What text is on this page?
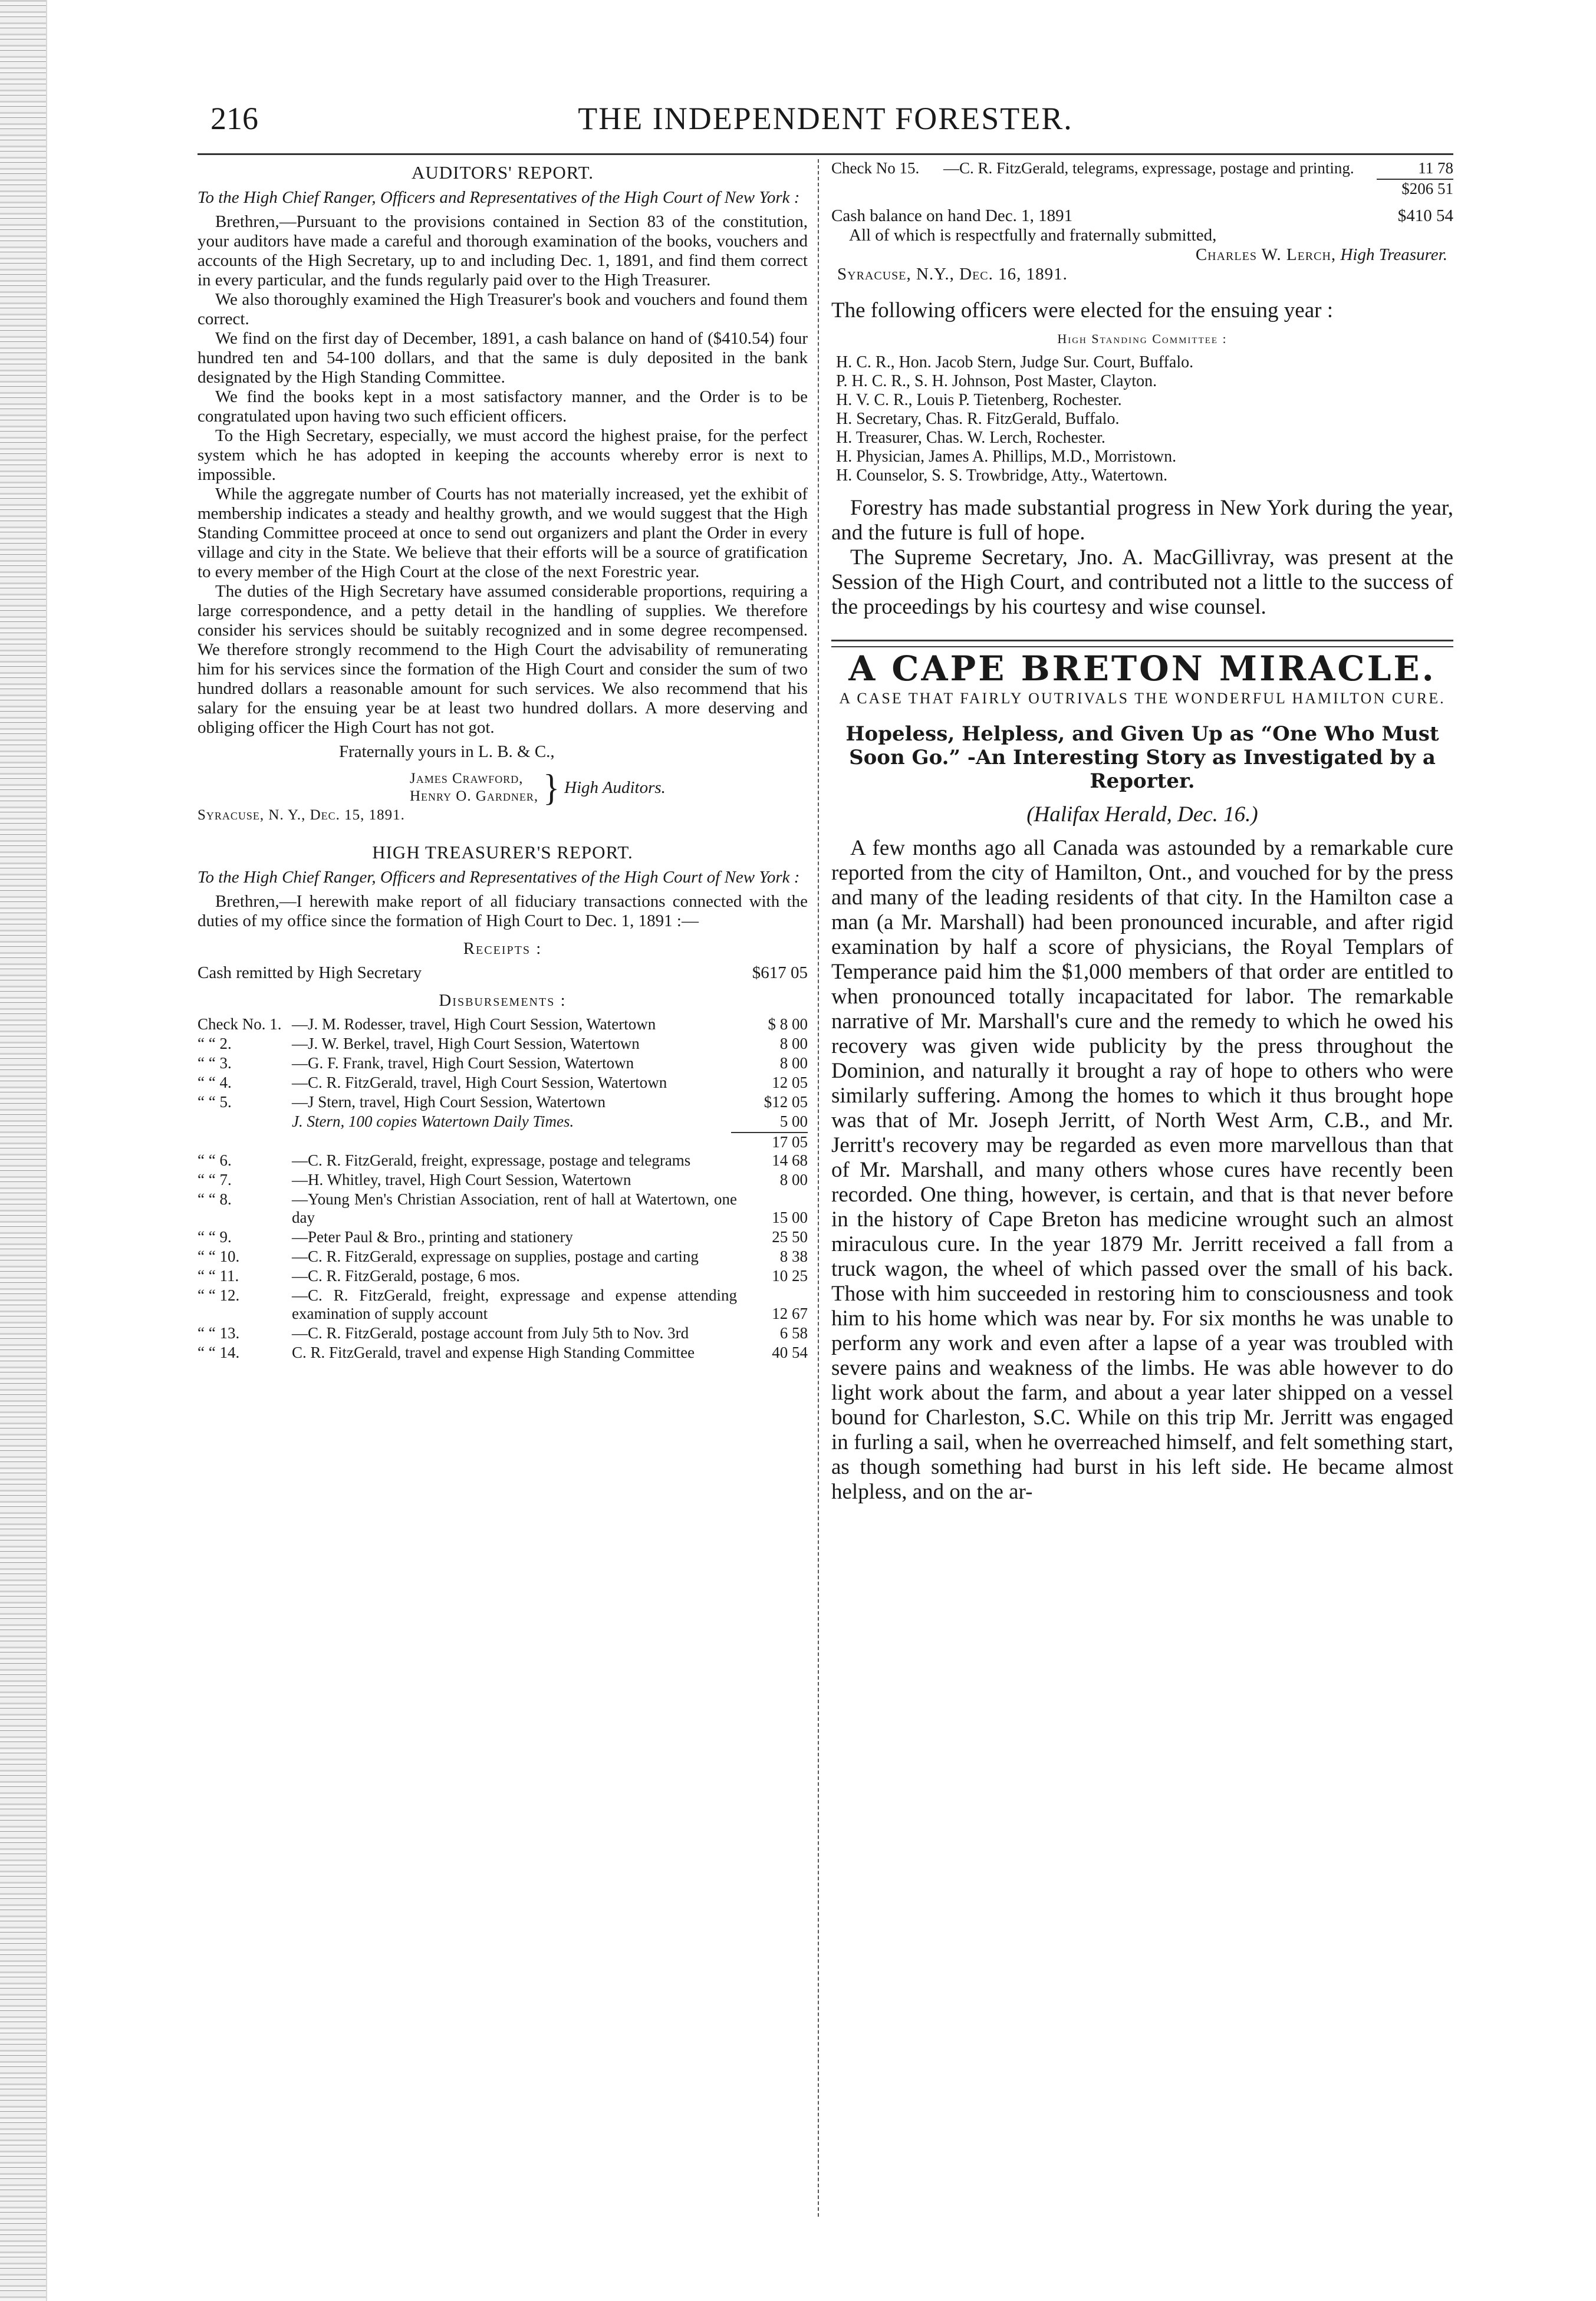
216	THE INDEPENDENT FORESTER.
AUDITORS' REPORT.

To the High Chief Ranger, Officers and Representatives of the High Court of New York :

Brethren,—Pursuant to the provisions contained in Section 83 of the constitution, your auditors have made a careful and thorough examination of the books, vouchers and accounts of the High Secretary, up to and including Dec. 1, 1891, and find them correct in every particular, and the funds regularly paid over to the High Treasurer.

We also thoroughly examined the High Treasurer's book and vouchers and found them correct.

We find on the first day of December, 1891, a cash balance on hand of ($410.54) four hundred ten and 54-100 dollars, and that the same is duly deposited in the bank designated by the High Standing Committee.

We find the books kept in a most satisfactory manner, and the Order is to be congratulated upon having two such efficient officers.

To the High Secretary, especially, we must accord the highest praise, for the perfect system which he has adopted in keeping the accounts whereby error is next to impossible.

While the aggregate number of Courts has not materially increased, yet the exhibit of membership indicates a steady and healthy growth, and we would suggest that the High Standing Committee proceed at once to send out organizers and plant the Order in every village and city in the State. We believe that their efforts will be a source of gratification to every member of the High Court at the close of the next Forestric year.

The duties of the High Secretary have assumed considerable proportions, requiring a large correspondence, and a petty detail in the handling of supplies. We therefore consider his services should be suitably recognized and in some degree recompensed. We therefore strongly recommend to the High Court the advisability of remunerating him for his services since the formation of the High Court and consider the sum of two hundred dollars a reasonable amount for such services. We also recommend that his salary for the ensuing year be at least two hundred dollars. A more deserving and obliging officer the High Court has not got.

Fraternally yours in L. B. & C.,

James Crawford,
Henry O. Gardner, } High Auditors.

Syracuse, N. Y., Dec. 15, 1891.

HIGH TREASURER'S REPORT.

To the High Chief Ranger, Officers and Representatives of the High Court of New York :

Brethren,—I herewith make report of all fiduciary transactions connected with the duties of my office since the formation of High Court to Dec. 1, 1891 :—

Receipts :
Cash remitted by High Secretary	$617 05
Disbursements :
Check No. 1. —J. M. Rodesser, travel, High Court Session, Watertown	$ 8 00
“ “ 2.	—J. W. Berkel, travel, High Court Session, Watertown	8 00
“ “ 3.	—G. F. Frank, travel, High Court Session, Watertown	8 00
“ “ 4.	—C. R. FitzGerald, travel, High Court Session, Watertown	12 05
“ “ 5.	—J Stern, travel, High Court Session, Watertown	$12 05
J. Stern, 100 copies Watertown Daily Times.	5 00
17 05
“ “ 6.	—C. R. FitzGerald, freight, expressage, postage and telegrams	14 68
“ “ 7.	—H. Whitley, travel, High Court Session, Watertown	8 00
“ “ 8.	—Young Men's Christian Association, rent of hall at Watertown, one day	15 00
“ “ 9.	—Peter Paul & Bro., printing and stationery	25 50
“ “ 10.	—C. R. FitzGerald, expressage on supplies, postage and carting	8 38
“ “ 11.	—C. R. FitzGerald, postage, 6 mos.	10 25
“ “ 12.	—C. R. FitzGerald, freight, expressage and expense attending examination of supply account	12 67
“ “ 13.	—C. R. FitzGerald, postage account from July 5th to Nov. 3rd	6 58
“ “ 14.	C. R. FitzGerald, travel and expense High Standing Committee	40 54
Check No 15.	—C. R. FitzGerald, telegrams, expressage, postage and printing.	11 78
$206 51
Cash balance on hand Dec. 1, 1891	$410 54

All of which is respectfully and fraternally submitted,

Charles W. Lerch, High Treasurer.

Syracuse, N.Y., Dec. 16, 1891.

The following officers were elected for the ensuing year :

High Standing Committee :
H. C. R., Hon. Jacob Stern, Judge Sur. Court, Buffalo.
P. H. C. R., S. H. Johnson, Post Master, Clayton.
H. V. C. R., Louis P. Tietenberg, Rochester.
H. Secretary, Chas. R. FitzGerald, Buffalo.
H. Treasurer, Chas. W. Lerch, Rochester.
H. Physician, James A. Phillips, M.D., Morristown.
H. Counselor, S. S. Trowbridge, Atty., Watertown.

Forestry has made substantial progress in New York during the year, and the future is full of hope.

The Supreme Secretary, Jno. A. MacGillivray, was present at the Session of the High Court, and contributed not a little to the success of the proceedings by his courtesy and wise counsel.

A CAPE BRETON MIRACLE.
A CASE THAT FAIRLY OUTRIVALS THE WONDERFUL HAMILTON CURE.
Hopeless, Helpless, and Given Up as “One Who Must Soon Go.” -An Interesting Story as Investigated by a Reporter.
(Halifax Herald, Dec. 16.)

A few months ago all Canada was astounded by a remarkable cure reported from the city of Hamilton, Ont., and vouched for by the press and many of the leading residents of that city. In the Hamilton case a man (a Mr. Marshall) had been pronounced incurable, and after rigid examination by half a score of physicians, the Royal Templars of Temperance paid him the $1,000 members of that order are entitled to when pronounced totally incapacitated for labor. The remarkable narrative of Mr. Marshall's cure and the remedy to which he owed his recovery was given wide publicity by the press throughout the Dominion, and naturally it brought a ray of hope to others who were similarly suffering. Among the homes to which it thus brought hope was that of Mr. Joseph Jerritt, of North West Arm, C.B., and Mr. Jerritt's recovery may be regarded as even more marvellous than that of Mr. Marshall, and many others whose cures have recently been recorded. One thing, however, is certain, and that is that never before in the history of Cape Breton has medicine wrought such an almost miraculous cure. In the year 1879 Mr. Jerritt received a fall from a truck wagon, the wheel of which passed over the small of his back. Those with him succeeded in restoring him to consciousness and took him to his home which was near by. For six months he was unable to perform any work and even after a lapse of a year was troubled with severe pains and weakness of the limbs. He was able however to do light work about the farm, and about a year later shipped on a vessel bound for Charleston, S.C. While on this trip Mr. Jerritt was engaged in furling a sail, when he overreached himself, and felt something start, as though something had burst in his left side. He became almost helpless, and on the ar-
